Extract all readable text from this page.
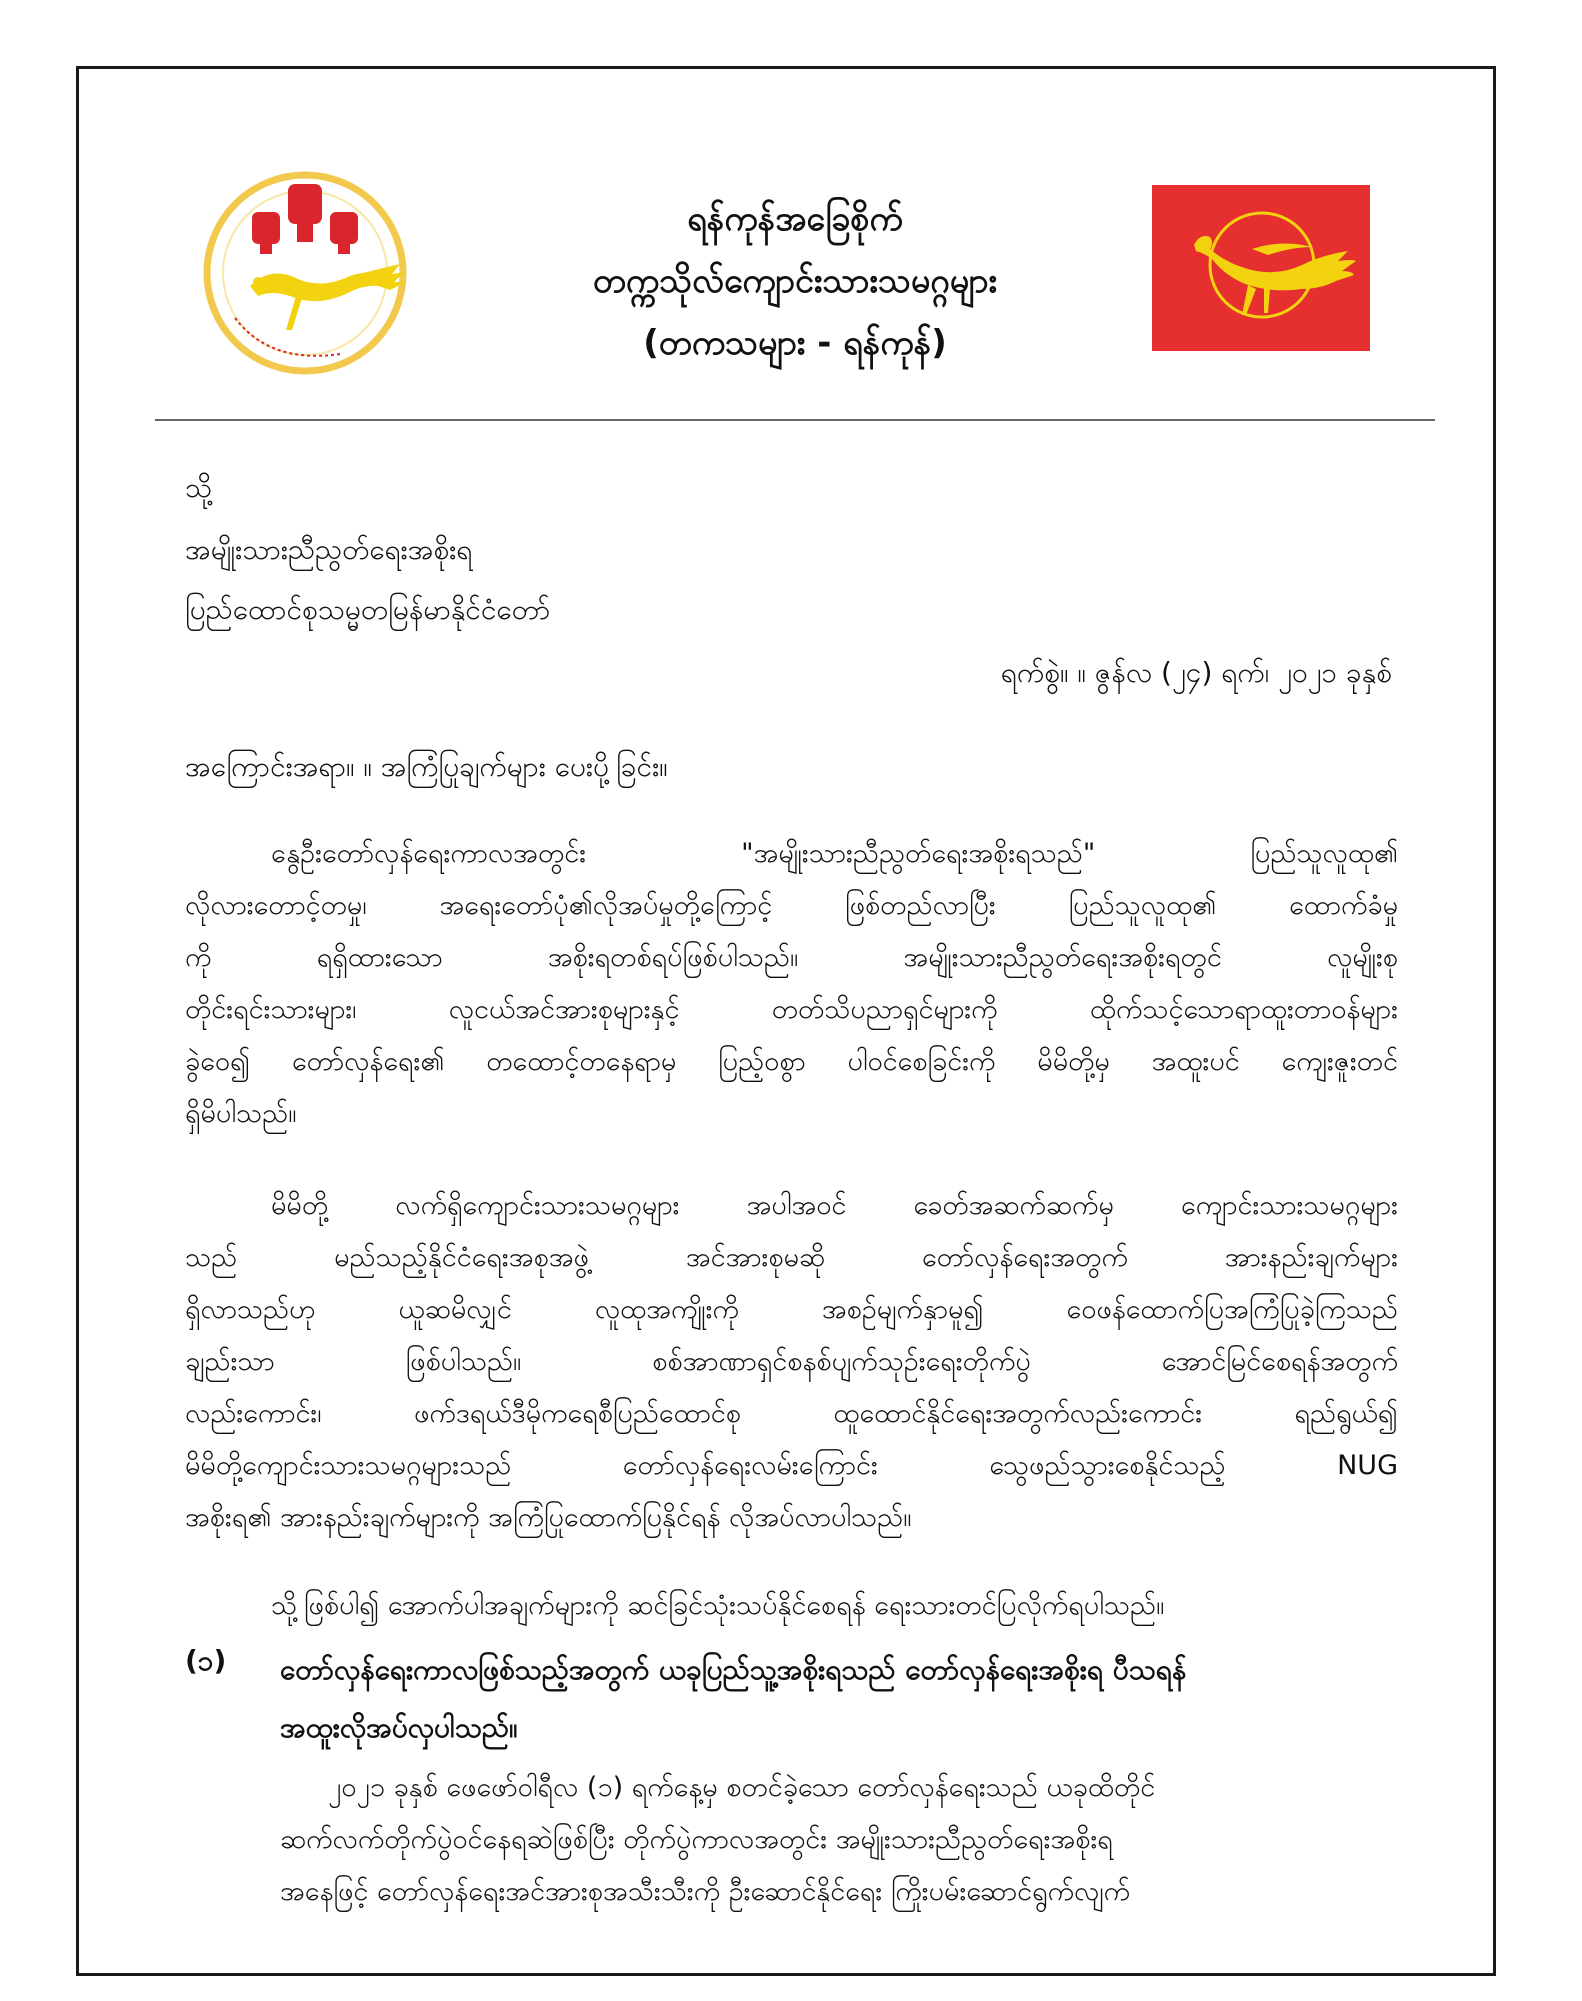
ရန်ကုန်အခြေစိုက်
တက္ကသိုလ်ကျောင်းသားသမဂ္ဂများ
(တကသများ - ရန်ကုန်)
သို့
အမျိုးသားညီညွတ်ရေးအစိုးရ
ပြည်ထောင်စုသမ္မတမြန်မာနိုင်ငံတော်
ရက်စွဲ။ ။ ဇွန်လ (၂၄) ရက်၊ ၂၀၂၁ ခုနှစ်
အကြောင်းအရာ။ ။ အကြံပြုချက်များ ပေးပို့ခြင်း။
နွေဦးတော်လှန်ရေးကာလအတွင်း "အမျိုးသားညီညွတ်ရေးအစိုးရသည်" ပြည်သူလူထု၏
လိုလားတောင့်တမှု၊ အရေးတော်ပုံ၏လိုအပ်မှုတို့ကြောင့် ဖြစ်တည်လာပြီး ပြည်သူလူထု၏ ထောက်ခံမှု
ကို ရရှိထားသော အစိုးရတစ်ရပ်ဖြစ်ပါသည်။ အမျိုးသားညီညွတ်ရေးအစိုးရတွင် လူမျိုးစု
တိုင်းရင်းသားများ၊ လူငယ်အင်အားစုများနှင့် တတ်သိပညာရှင်များကို ထိုက်သင့်သောရာထူးတာဝန်များ
ခွဲဝေ၍ တော်လှန်ရေး၏ တထောင့်တနေရာမှ ပြည့်ဝစွာ ပါဝင်စေခြင်းကို မိမိတို့မှ အထူးပင် ကျေးဇူးတင်
ရှိမိပါသည်။
မိမိတို့ လက်ရှိကျောင်းသားသမဂ္ဂများ အပါအဝင် ခေတ်အဆက်ဆက်မှ ကျောင်းသားသမဂ္ဂများ
သည် မည်သည့်နိုင်ငံရေးအစုအဖွဲ့ အင်အားစုမဆို တော်လှန်ရေးအတွက် အားနည်းချက်များ
ရှိလာသည်ဟု ယူဆမိလျှင် လူထုအကျိုးကို အစဉ်မျက်နှာမူ၍ ဝေဖန်ထောက်ပြအကြံပြုခဲ့ကြသည်
ချည်းသာ ဖြစ်ပါသည်။ စစ်အာဏာရှင်စနစ်ပျက်သုဉ်းရေးတိုက်ပွဲ အောင်မြင်စေရန်အတွက်
လည်းကောင်း၊ ဖက်ဒရယ်ဒီမိုကရေစီပြည်ထောင်စု ထူထောင်နိုင်ရေးအတွက်လည်းကောင်း ရည်ရွယ်၍
မိမိတို့ကျောင်းသားသမဂ္ဂများသည် တော်လှန်ရေးလမ်းကြောင်း သွေဖည်သွားစေနိုင်သည့် NUG
အစိုးရ၏ အားနည်းချက်များကို အကြံပြုထောက်ပြနိုင်ရန် လိုအပ်လာပါသည်။
သို့ဖြစ်ပါ၍ အောက်ပါအချက်များကို ဆင်ခြင်သုံးသပ်နိုင်စေရန် ရေးသားတင်ပြလိုက်ရပါသည်။
(၁) တော်လှန်ရေးကာလဖြစ်သည့်အတွက် ယခုပြည်သူ့အစိုးရသည် တော်လှန်ရေးအစိုးရ ပီသရန်
အထူးလိုအပ်လှပါသည်။
၂၀၂၁ ခုနှစ် ဖေဖော်ဝါရီလ (၁) ရက်နေ့မှ စတင်ခဲ့သော တော်လှန်ရေးသည် ယခုထိတိုင်
ဆက်လက်တိုက်ပွဲဝင်နေရဆဲဖြစ်ပြီး တိုက်ပွဲကာလအတွင်း အမျိုးသားညီညွတ်ရေးအစိုးရ
အနေဖြင့် တော်လှန်ရေးအင်အားစုအသီးသီးကို ဦးဆောင်နိုင်ရေး ကြိုးပမ်းဆောင်ရွက်လျက်
